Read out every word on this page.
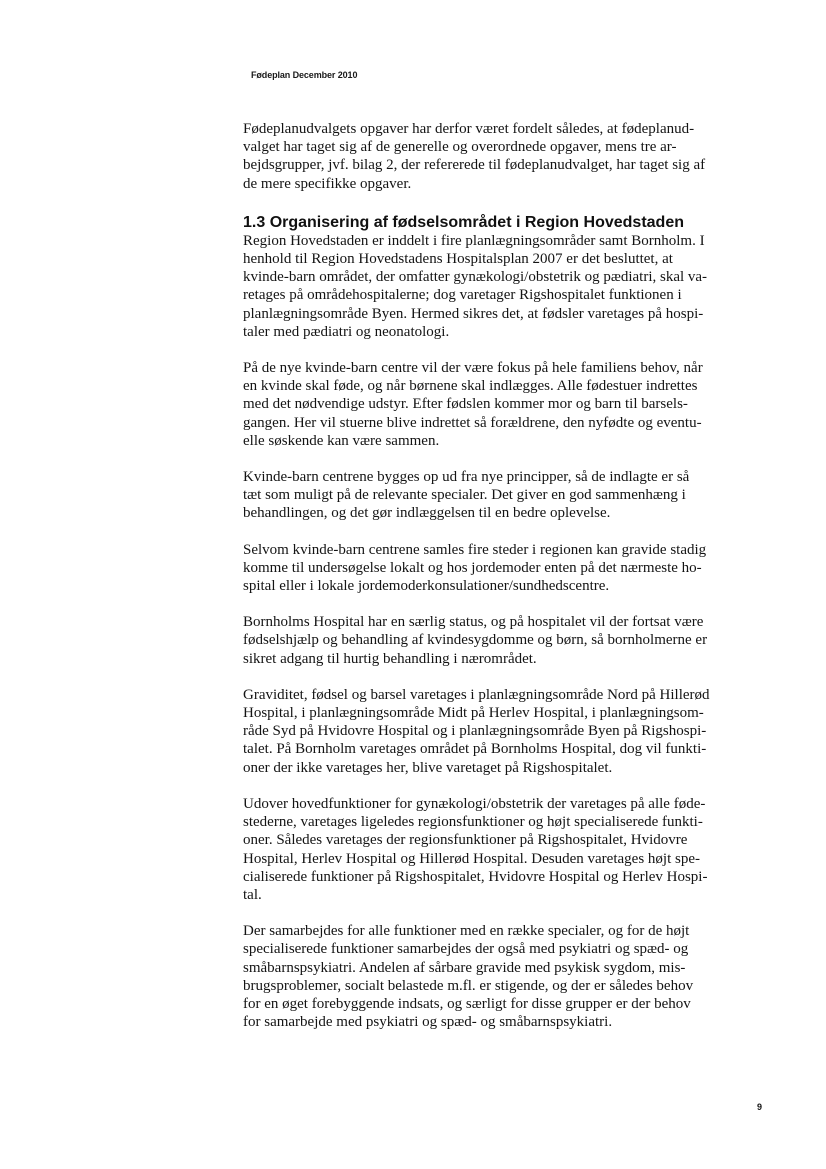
Fødeplan December 2010
Fødeplanudvalgets opgaver har derfor været fordelt således, at fødeplanud-
valget har taget sig af de generelle og overordnede opgaver, mens tre ar-
bejdsgrupper, jvf. bilag 2, der refererede til fødeplanudvalget, har taget sig af
de mere specifikke opgaver.
1.3 Organisering af fødselsområdet i Region Hovedstaden
Region Hovedstaden er inddelt i fire planlægningsområder samt Bornholm. I
henhold til Region Hovedstadens Hospitalsplan 2007 er det besluttet, at
kvinde-barn området, der omfatter gynækologi/obstetrik og pædiatri, skal va-
retages på områdehospitalerne; dog varetager Rigshospitalet funktionen i
planlægningsområde Byen. Hermed sikres det, at fødsler varetages på hospi-
taler med pædiatri og neonatologi.
På de nye kvinde-barn centre vil der være fokus på hele familiens behov, når
en kvinde skal føde, og når børnene skal indlægges. Alle fødestuer indrettes
med det nødvendige udstyr. Efter fødslen kommer mor og barn til barsels-
gangen. Her vil stuerne blive indrettet så forældrene, den nyfødte og eventu-
elle søskende kan være sammen.
Kvinde-barn centrene bygges op ud fra nye principper, så de indlagte er så
tæt som muligt på de relevante specialer. Det giver en god sammenhæng i
behandlingen, og det gør indlæggelsen til en bedre oplevelse.
Selvom kvinde-barn centrene samles fire steder i regionen kan gravide stadig
komme til undersøgelse lokalt og hos jordemoder enten på det nærmeste ho-
spital eller i lokale jordemoderkonsulationer/sundhedscentre.
Bornholms Hospital har en særlig status, og på hospitalet vil der fortsat være
fødselshjælp og behandling af kvindesygdomme og børn, så bornholmerne er
sikret adgang til hurtig behandling i nærområdet.
Graviditet, fødsel og barsel varetages i planlægningsområde Nord på Hillerød
Hospital, i planlægningsområde Midt på Herlev Hospital, i planlægningsom-
råde Syd på Hvidovre Hospital og i planlægningsområde Byen på Rigshospi-
talet. På Bornholm varetages området på Bornholms Hospital, dog vil funkti-
oner der ikke varetages her, blive varetaget på Rigshospitalet.
Udover hovedfunktioner for gynækologi/obstetrik der varetages på alle føde-
stederne, varetages ligeledes regionsfunktioner og højt specialiserede funkti-
oner. Således varetages der regionsfunktioner på Rigshospitalet, Hvidovre
Hospital, Herlev Hospital og Hillerød Hospital. Desuden varetages højt spe-
cialiserede funktioner på Rigshospitalet, Hvidovre Hospital og Herlev Hospi-
tal.
Der samarbejdes for alle funktioner med en række specialer, og for de højt
specialiserede funktioner samarbejdes der også med psykiatri og spæd- og
småbarnspsykiatri. Andelen af sårbare gravide med psykisk sygdom, mis-
brugsproblemer, socialt belastede m.fl. er stigende, og der er således behov
for en øget forebyggende indsats, og særligt for disse grupper er der behov
for samarbejde med psykiatri og spæd- og småbarnspsykiatri.
9
